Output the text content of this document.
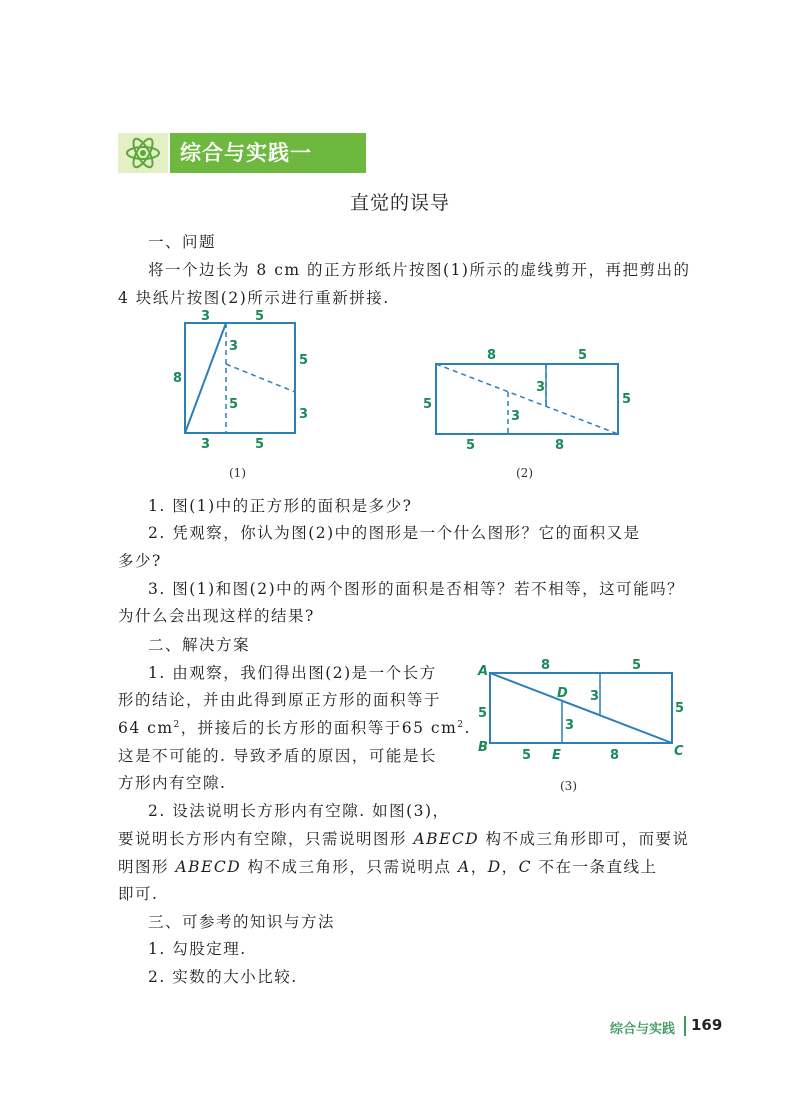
综合与实践一
直觉的误导
一、问题
将一个边长为 8 cm 的正方形纸片按图(1)所示的虚线剪开，再把剪出的
4 块纸片按图(2)所示进行重新拼接.
3	5
8
3
5
5
3
3	5
(1)
8	5
5	5
3
3
5	8
(2)
1. 图(1)中的正方形的面积是多少?
2. 凭观察，你认为图(2)中的图形是一个什么图形？它的面积又是
多少?
3. 图(1)和图(2)中的两个图形的面积是否相等？若不相等，这可能吗？
为什么会出现这样的结果?
二、解决方案
1. 由观察，我们得出图(2)是一个长方
形的结论，并由此得到原正方形的面积等于
64 $cm^2$，拼接后的长方形的面积等于65 $cm^2$.
这是不可能的. 导致矛盾的原因，可能是长
方形内有空隙.
A
B	C
D
E
8	5
5	5
3
3
5	8
(3)
2. 设法说明长方形内有空隙. 如图(3)，
要说明长方形内有空隙，只需说明图形 ABECD 构不成三角形即可，而要说
明图形 ABECD 构不成三角形，只需说明点 A，D，C 不在一条直线上
即可.
三、可参考的知识与方法
1. 勾股定理.
2. 实数的大小比较.
综合与实践 169
